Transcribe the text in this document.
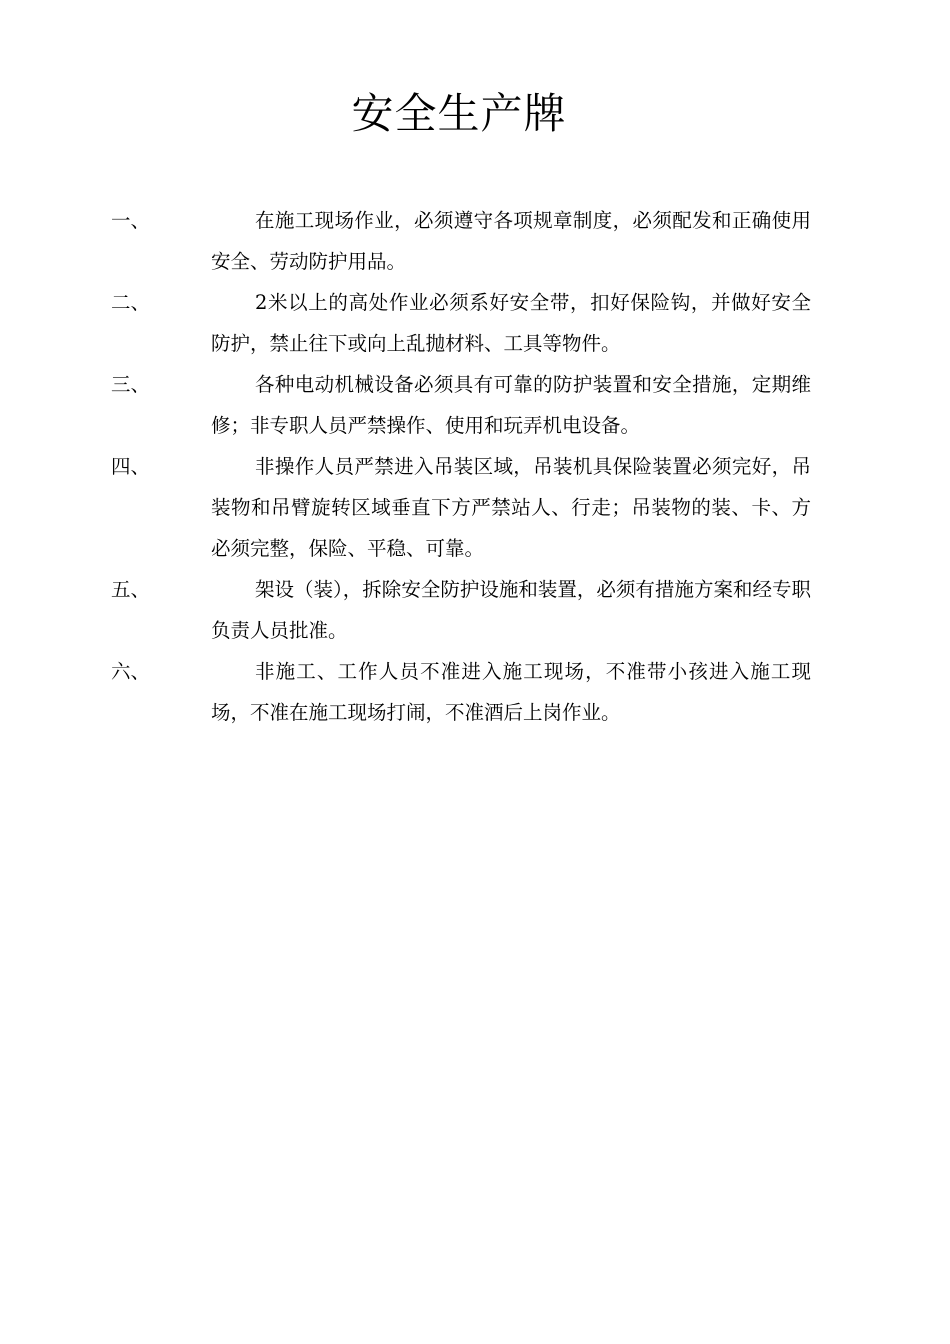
安全生产牌
一、	在施工现场作业，必须遵守各项规章制度，必须配发和正确使用安全、劳动防护用品。
二、	2米以上的高处作业必须系好安全带，扣好保险钩，并做好安全防护，禁止往下或向上乱抛材料、工具等物件。
三、	各种电动机械设备必须具有可靠的防护装置和安全措施，定期维修；非专职人员严禁操作、使用和玩弄机电设备。
四、	非操作人员严禁进入吊装区域，吊装机具保险装置必须完好，吊装物和吊臂旋转区域垂直下方严禁站人、行走；吊装物的装、卡、方必须完整，保险、平稳、可靠。
五、	架设（装），拆除安全防护设施和装置，必须有措施方案和经专职负责人员批准。
六、	非施工、工作人员不准进入施工现场，不准带小孩进入施工现场，不准在施工现场打闹，不准酒后上岗作业。
